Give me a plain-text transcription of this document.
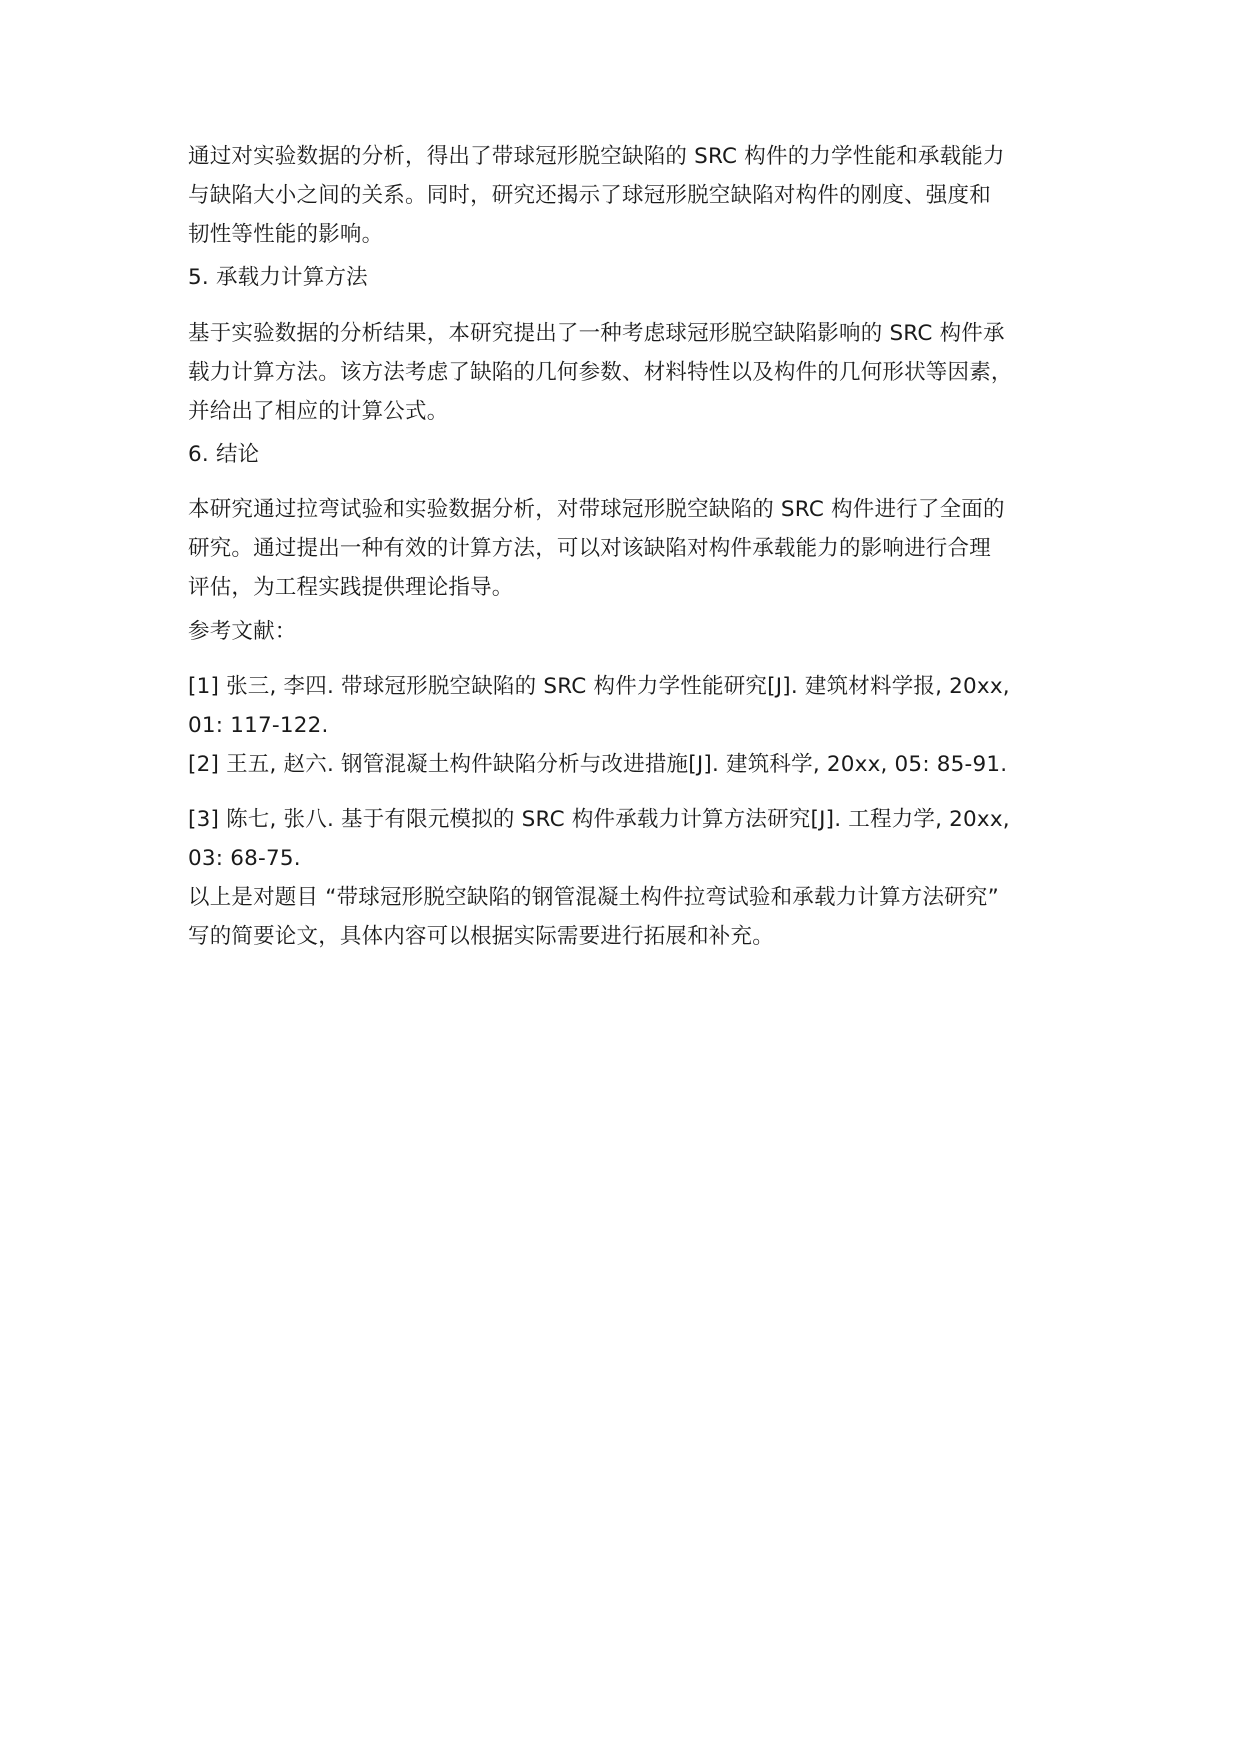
通过对实验数据的分析，得出了带球冠形脱空缺陷的 SRC 构件的力学性能和承载能力
与缺陷大小之间的关系。同时，研究还揭示了球冠形脱空缺陷对构件的刚度、强度和
韧性等性能的影响。
5. 承载力计算方法
基于实验数据的分析结果，本研究提出了一种考虑球冠形脱空缺陷影响的 SRC 构件承
载力计算方法。该方法考虑了缺陷的几何参数、材料特性以及构件的几何形状等因素，
并给出了相应的计算公式。
6. 结论
本研究通过拉弯试验和实验数据分析，对带球冠形脱空缺陷的 SRC 构件进行了全面的
研究。通过提出一种有效的计算方法，可以对该缺陷对构件承载能力的影响进行合理
评估，为工程实践提供理论指导。
参考文献：
[1] 张三, 李四. 带球冠形脱空缺陷的 SRC 构件力学性能研究[J]. 建筑材料学报, 20xx,
01: 117-122.
[2] 王五, 赵六. 钢管混凝土构件缺陷分析与改进措施[J]. 建筑科学, 20xx, 05: 85-91.
[3] 陈七, 张八. 基于有限元模拟的 SRC 构件承载力计算方法研究[J]. 工程力学, 20xx,
03: 68-75.
以上是对题目 “带球冠形脱空缺陷的钢管混凝土构件拉弯试验和承载力计算方法研究”
写的简要论文，具体内容可以根据实际需要进行拓展和补充。
